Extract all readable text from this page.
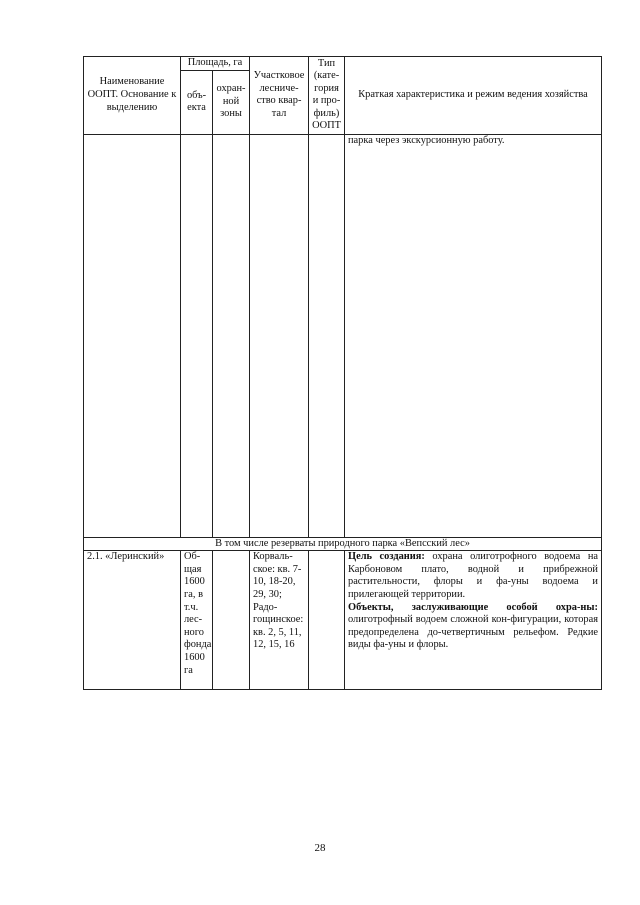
Наименование ООПТ. Основание к выделению	Площадь, га		Участковое лесниче-ство квар-тал	Тип (кате-гория и про-филь) ООПТ	Краткая характеристика и режим ведения хозяйства
	объ-екта	охран-ной зоны			
					парка через экскурсионную работу.
В том числе резерваты природного парка «Вепсский лес»					
2.1. «Леринский»	Об-щая 1600 га, в т.ч. лес-ного фонда 1600 га		Корваль-ское: кв. 7-10, 18-20, 29, 30; Радо-гощинское: кв. 2, 5, 11, 12, 15, 16		Цель создания: охрана олиготрофного водоема на Карбоновом плато, водной и прибрежной растительности, флоры и фа-уны водоема и прилегающей территории.
Объекты, заслуживающие особой охра-ны: олиготрофный водоем сложной кон-фигурации, которая предопределена до-четвертичным рельефом. Редкие виды фа-уны и флоры.
28
